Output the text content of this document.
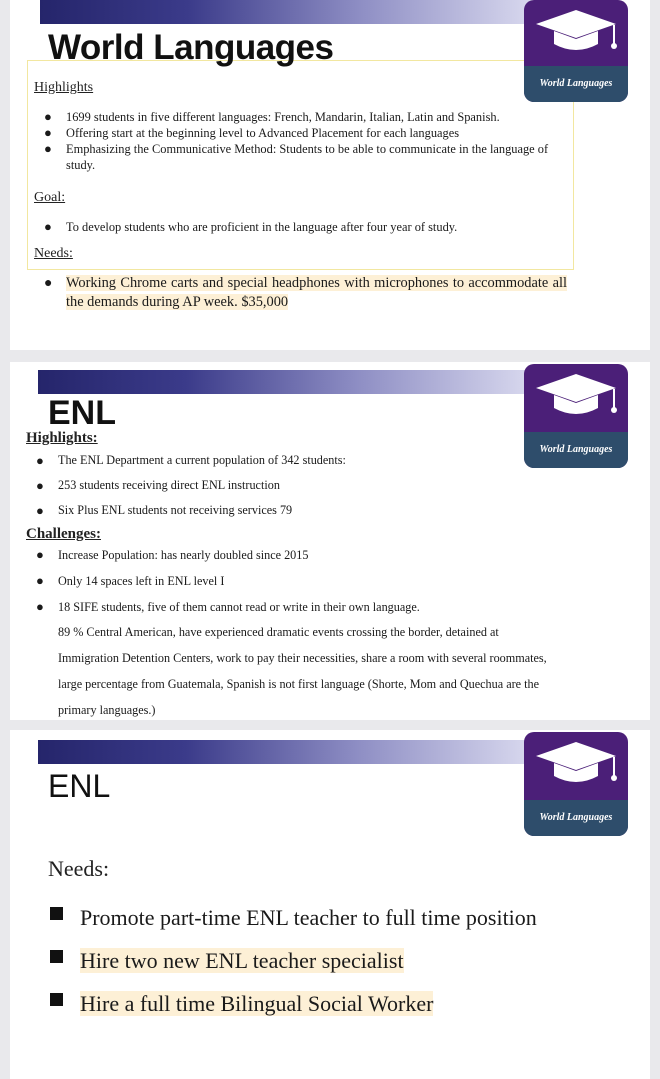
World Languages
World Languages
Highlights
● 1699 students in five different languages: French, Mandarin, Italian, Latin and Spanish.
● Offering start at the beginning level to Advanced Placement for each languages
● Emphasizing the Communicative Method: Students to be able to communicate in the language of study.
Goal:
● To develop students who are proficient in the language after four year of study.
Needs:
● Working Chrome carts and special headphones with microphones to accommodate all the demands during AP week. $35,000
World Languages
ENL
Highlights:
● The ENL Department a current population of 342 students:
● 253 students receiving direct ENL instruction
● Six Plus ENL students not receiving services 79
Challenges:
● Increase Population: has nearly doubled since 2015
● Only 14 spaces left in ENL level I
● 18 SIFE students, five of them cannot read or write in their own language.
89 % Central American, have experienced dramatic events crossing the border, detained at
Immigration Detention Centers, work to pay their necessities, share a room with several roommates,
large percentage from Guatemala, Spanish is not first language (Shorte, Mom and Quechua are the
primary languages.)
World Languages
ENL
Needs:
Promote part-time ENL teacher to full time position
Hire two new ENL teacher specialist
Hire a full time Bilingual Social Worker
